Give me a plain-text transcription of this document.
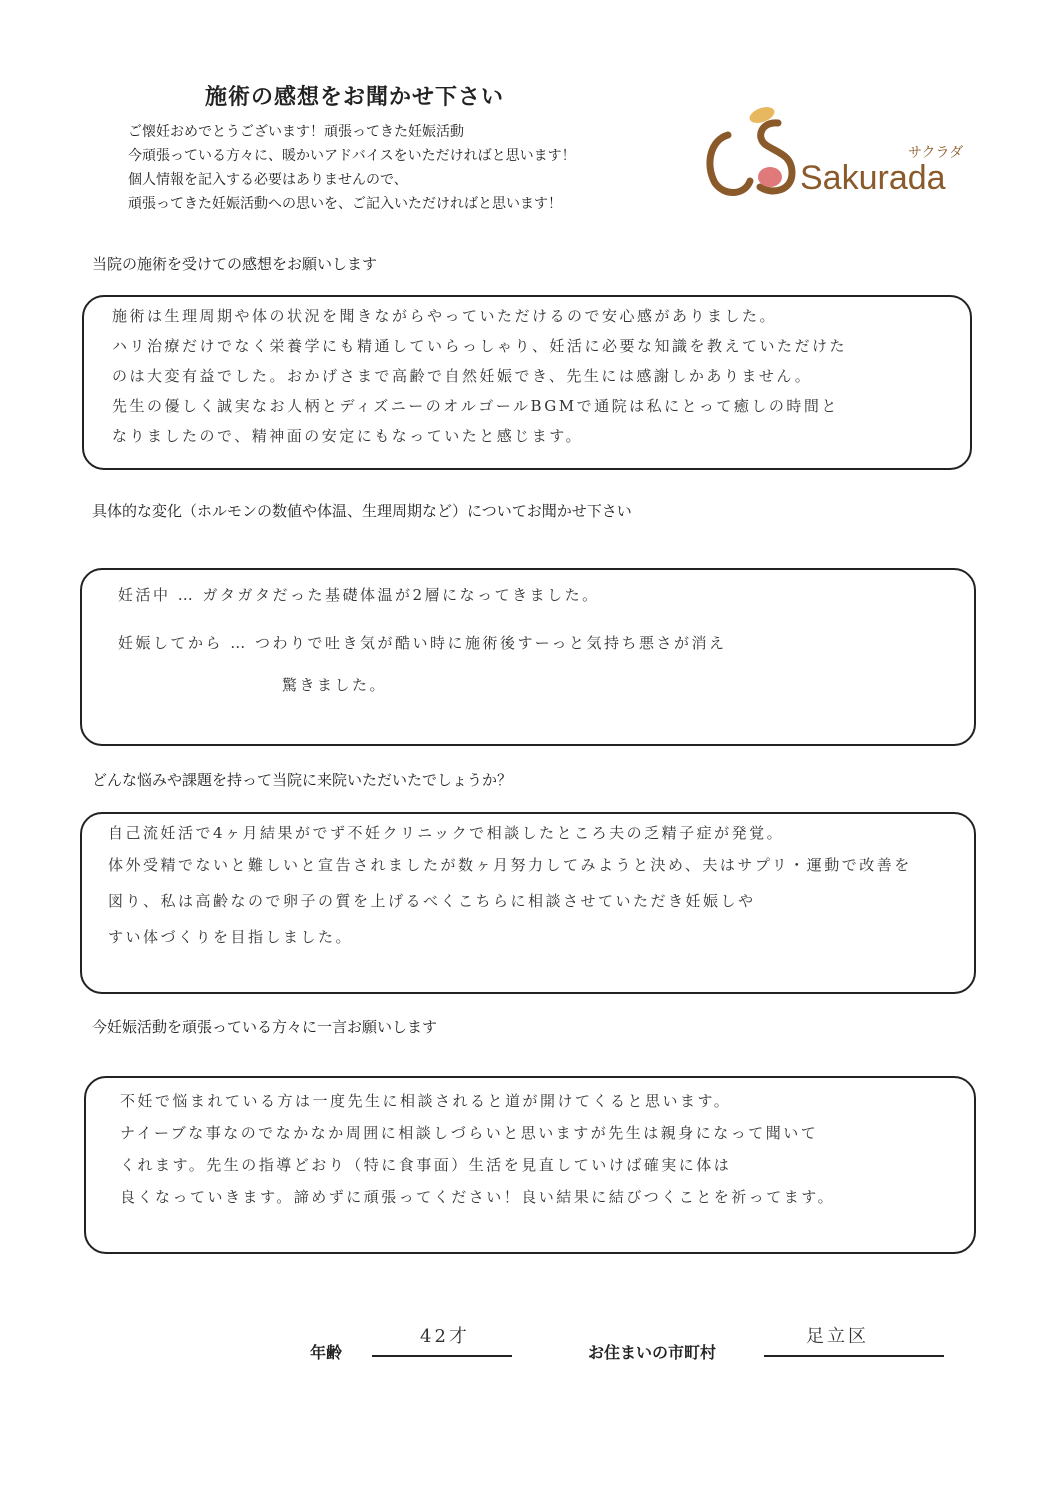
施術の感想をお聞かせ下さい
ご懐妊おめでとうございます！頑張ってきた妊娠活動
今頑張っている方々に、暖かいアドバイスをいただければと思います！
個人情報を記入する必要はありませんので、
頑張ってきた妊娠活動への思いを、ご記入いただければと思います！
Sakurada
サクラダ
当院の施術を受けての感想をお願いします
施術は生理周期や体の状況を聞きながらやっていただけるので安心感がありました。
ハリ治療だけでなく栄養学にも精通していらっしゃり、妊活に必要な知識を教えていただけた
のは大変有益でした。おかげさまで高齢で自然妊娠でき、先生には感謝しかありません。
先生の優しく誠実なお人柄とディズニーのオルゴールBGMで通院は私にとって癒しの時間と
なりましたので、精神面の安定にもなっていたと感じます。
具体的な変化（ホルモンの数値や体温、生理周期など）についてお聞かせ下さい
妊活中 … ガタガタだった基礎体温が2層になってきました。
妊娠してから … つわりで吐き気が酷い時に施術後すーっと気持ち悪さが消え
驚きました。
どんな悩みや課題を持って当院に来院いただいたでしょうか？
自己流妊活で4ヶ月結果がでず不妊クリニックで相談したところ夫の乏精子症が発覚。
体外受精でないと難しいと宣告されましたが数ヶ月努力してみようと決め、夫はサプリ・運動で改善を
図り、私は高齢なので卵子の質を上げるべくこちらに相談させていただき妊娠しや
すい体づくりを目指しました。
今妊娠活動を頑張っている方々に一言お願いします
不妊で悩まれている方は一度先生に相談されると道が開けてくると思います。
ナイーブな事なのでなかなか周囲に相談しづらいと思いますが先生は親身になって聞いて
くれます。先生の指導どおり（特に食事面）生活を見直していけば確実に体は
良くなっていきます。諦めずに頑張ってください！良い結果に結びつくことを祈ってます。
年齢
42才
お住まいの市町村
足立区
